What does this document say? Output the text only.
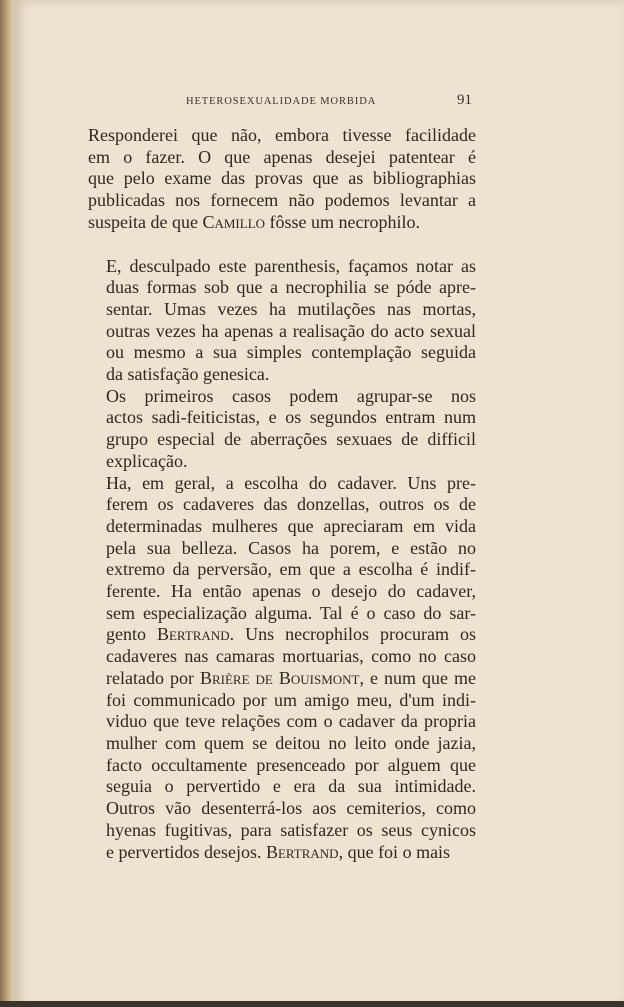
HETEROSEXUALIDADE MORBIDA	91

Responderei que não, embora tivesse facilidade
em o fazer. O que apenas desejei patentear é
que pelo exame das provas que as bibliographias
publicadas nos fornecem não podemos levantar a
suspeita de que Camillo fôsse um necrophilo.

E, desculpado este parenthesis, façamos notar as
duas formas sob que a necrophilia se póde apre-
sentar. Umas vezes ha mutilações nas mortas,
outras vezes ha apenas a realisação do acto sexual
ou mesmo a sua simples contemplação seguida
da satisfação genesica.

Os primeiros casos podem agrupar-se nos
actos sadi-feiticistas, e os segundos entram num
grupo especial de aberrações sexuaes de difficil
explicação.

Ha, em geral, a escolha do cadaver. Uns pre-
ferem os cadaveres das donzellas, outros os de
determinadas mulheres que apreciaram em vida
pela sua belleza. Casos ha porem, e estão no
extremo da perversão, em que a escolha é indif-
ferente. Ha então apenas o desejo do cadaver,
sem especialização alguma. Tal é o caso do sar-
gento Bertrand. Uns necrophilos procuram os
cadaveres nas camaras mortuarias, como no caso
relatado por Brière de Bouismont, e num que me
foi communicado por um amigo meu, d'um indi-
viduo que teve relações com o cadaver da propria
mulher com quem se deitou no leito onde jazia,
facto occultamente presenceado por alguem que
seguia o pervertido e era da sua intimidade.
Outros vão desenterrá-los aos cemiterios, como
hyenas fugitivas, para satisfazer os seus cynicos
e pervertidos desejos. Bertrand, que foi o mais
